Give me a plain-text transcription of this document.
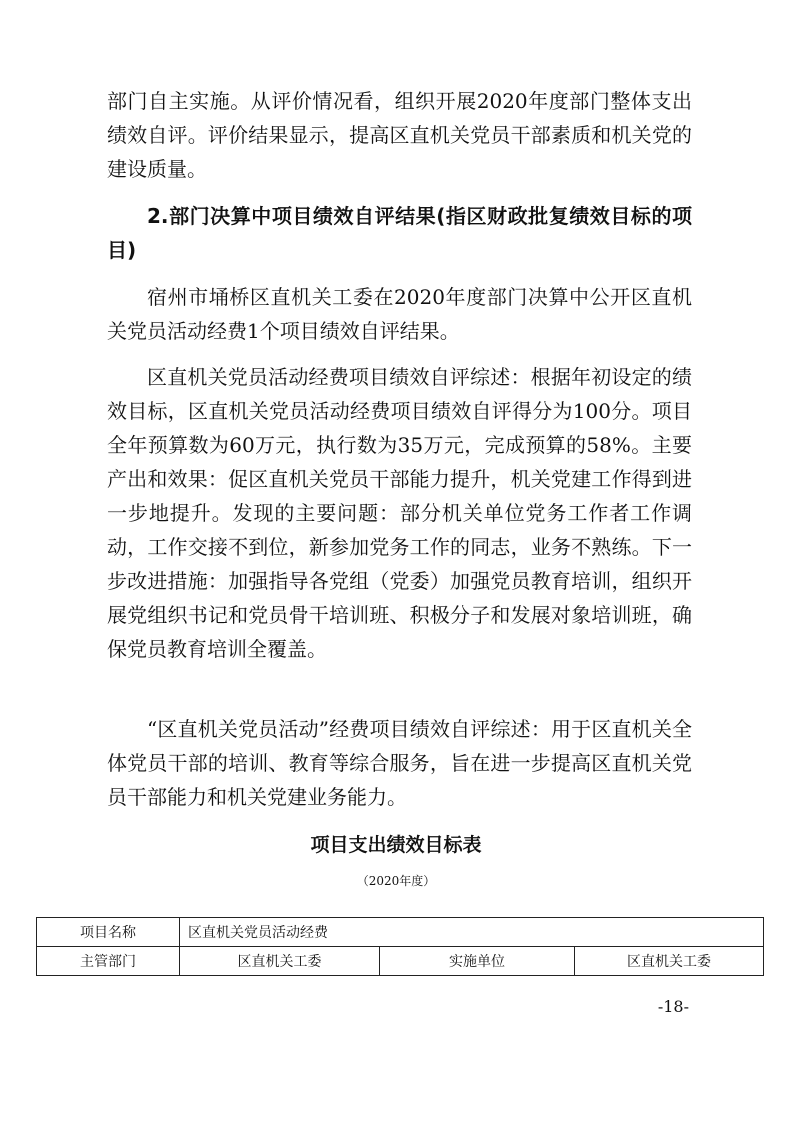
部门自主实施。从评价情况看，组织开展2020年度部门整体支出绩效自评。评价结果显示，提高区直机关党员干部素质和机关党的建设质量。

2.部门决算中项目绩效自评结果(指区财政批复绩效目标的项目)

宿州市埇桥区直机关工委在2020年度部门决算中公开区直机关党员活动经费1个项目绩效自评结果。

区直机关党员活动经费项目绩效自评综述：根据年初设定的绩效目标，区直机关党员活动经费项目绩效自评得分为100分。项目全年预算数为60万元，执行数为35万元，完成预算的58%。主要产出和效果：促区直机关党员干部能力提升，机关党建工作得到进一步地提升。发现的主要问题：部分机关单位党务工作者工作调动，工作交接不到位，新参加党务工作的同志，业务不熟练。下一步改进措施：加强指导各党组（党委）加强党员教育培训，组织开展党组织书记和党员骨干培训班、积极分子和发展对象培训班，确保党员教育培训全覆盖。

“区直机关党员活动”经费项目绩效自评综述：用于区直机关全体党员干部的培训、教育等综合服务，旨在进一步提高区直机关党员干部能力和机关党建业务能力。

项目支出绩效目标表
（2020年度）
项目名称	区直机关党员活动经费		
主管部门	区直机关工委	实施单位	区直机关工委
-18-
